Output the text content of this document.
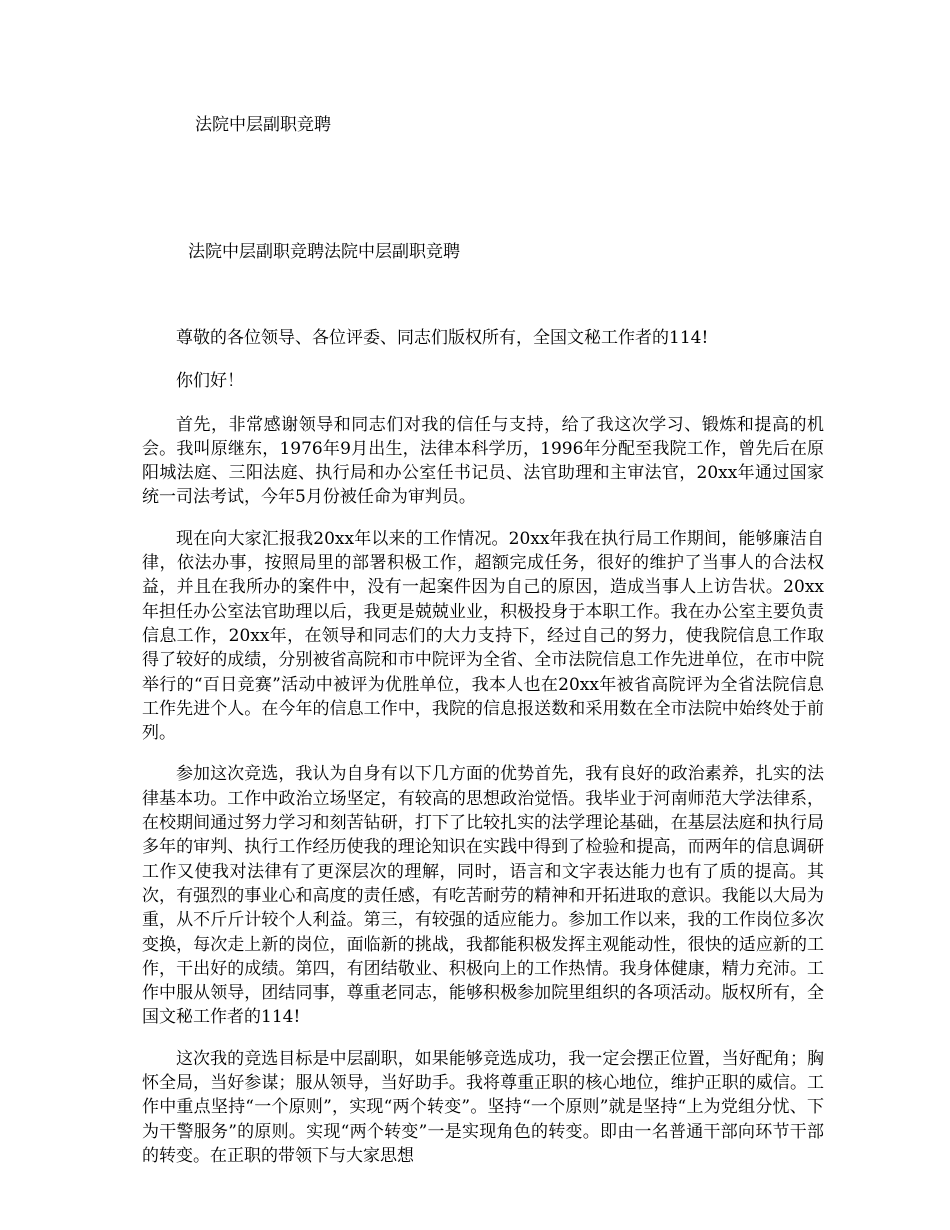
法院中层副职竞聘
法院中层副职竞聘法院中层副职竞聘

尊敬的各位领导、各位评委、同志们版权所有，全国文秘工作者的114!

你们好！

首先，非常感谢领导和同志们对我的信任与支持，给了我这次学习、锻炼和提高的机会。我叫原继东，1976年9月出生，法律本科学历，1996年分配至我院工作，曾先后在原阳城法庭、三阳法庭、执行局和办公室任书记员、法官助理和主审法官，20xx年通过国家统一司法考试，今年5月份被任命为审判员。

现在向大家汇报我20xx年以来的工作情况。20xx年我在执行局工作期间，能够廉洁自律，依法办事，按照局里的部署积极工作，超额完成任务，很好的维护了当事人的合法权益，并且在我所办的案件中，没有一起案件因为自己的原因，造成当事人上访告状。20xx年担任办公室法官助理以后，我更是兢兢业业，积极投身于本职工作。我在办公室主要负责信息工作，20xx年，在领导和同志们的大力支持下，经过自己的努力，使我院信息工作取得了较好的成绩，分别被省高院和市中院评为全省、全市法院信息工作先进单位，在市中院举行的“百日竞赛”活动中被评为优胜单位，我本人也在20xx年被省高院评为全省法院信息工作先进个人。在今年的信息工作中，我院的信息报送数和采用数在全市法院中始终处于前列。

参加这次竞选，我认为自身有以下几方面的优势首先，我有良好的政治素养，扎实的法律基本功。工作中政治立场坚定，有较高的思想政治觉悟。我毕业于河南师范大学法律系，在校期间通过努力学习和刻苦钻研，打下了比较扎实的法学理论基础，在基层法庭和执行局多年的审判、执行工作经历使我的理论知识在实践中得到了检验和提高，而两年的信息调研工作又使我对法律有了更深层次的理解，同时，语言和文字表达能力也有了质的提高。其次，有强烈的事业心和高度的责任感，有吃苦耐劳的精神和开拓进取的意识。我能以大局为重，从不斤斤计较个人利益。第三，有较强的适应能力。参加工作以来，我的工作岗位多次变换，每次走上新的岗位，面临新的挑战，我都能积极发挥主观能动性，很快的适应新的工作，干出好的成绩。第四，有团结敬业、积极向上的工作热情。我身体健康，精力充沛。工作中服从领导，团结同事，尊重老同志，能够积极参加院里组织的各项活动。版权所有，全国文秘工作者的114!

这次我的竞选目标是中层副职，如果能够竞选成功，我一定会摆正位置，当好配角；胸怀全局，当好参谋；服从领导，当好助手。我将尊重正职的核心地位，维护正职的威信。工作中重点坚持“一个原则”，实现“两个转变”。坚持“一个原则”就是坚持“上为党组分忧、下为干警服务”的原则。实现“两个转变”一是实现角色的转变。即由一名普通干部向环节干部的转变。在正职的带领下与大家思想
